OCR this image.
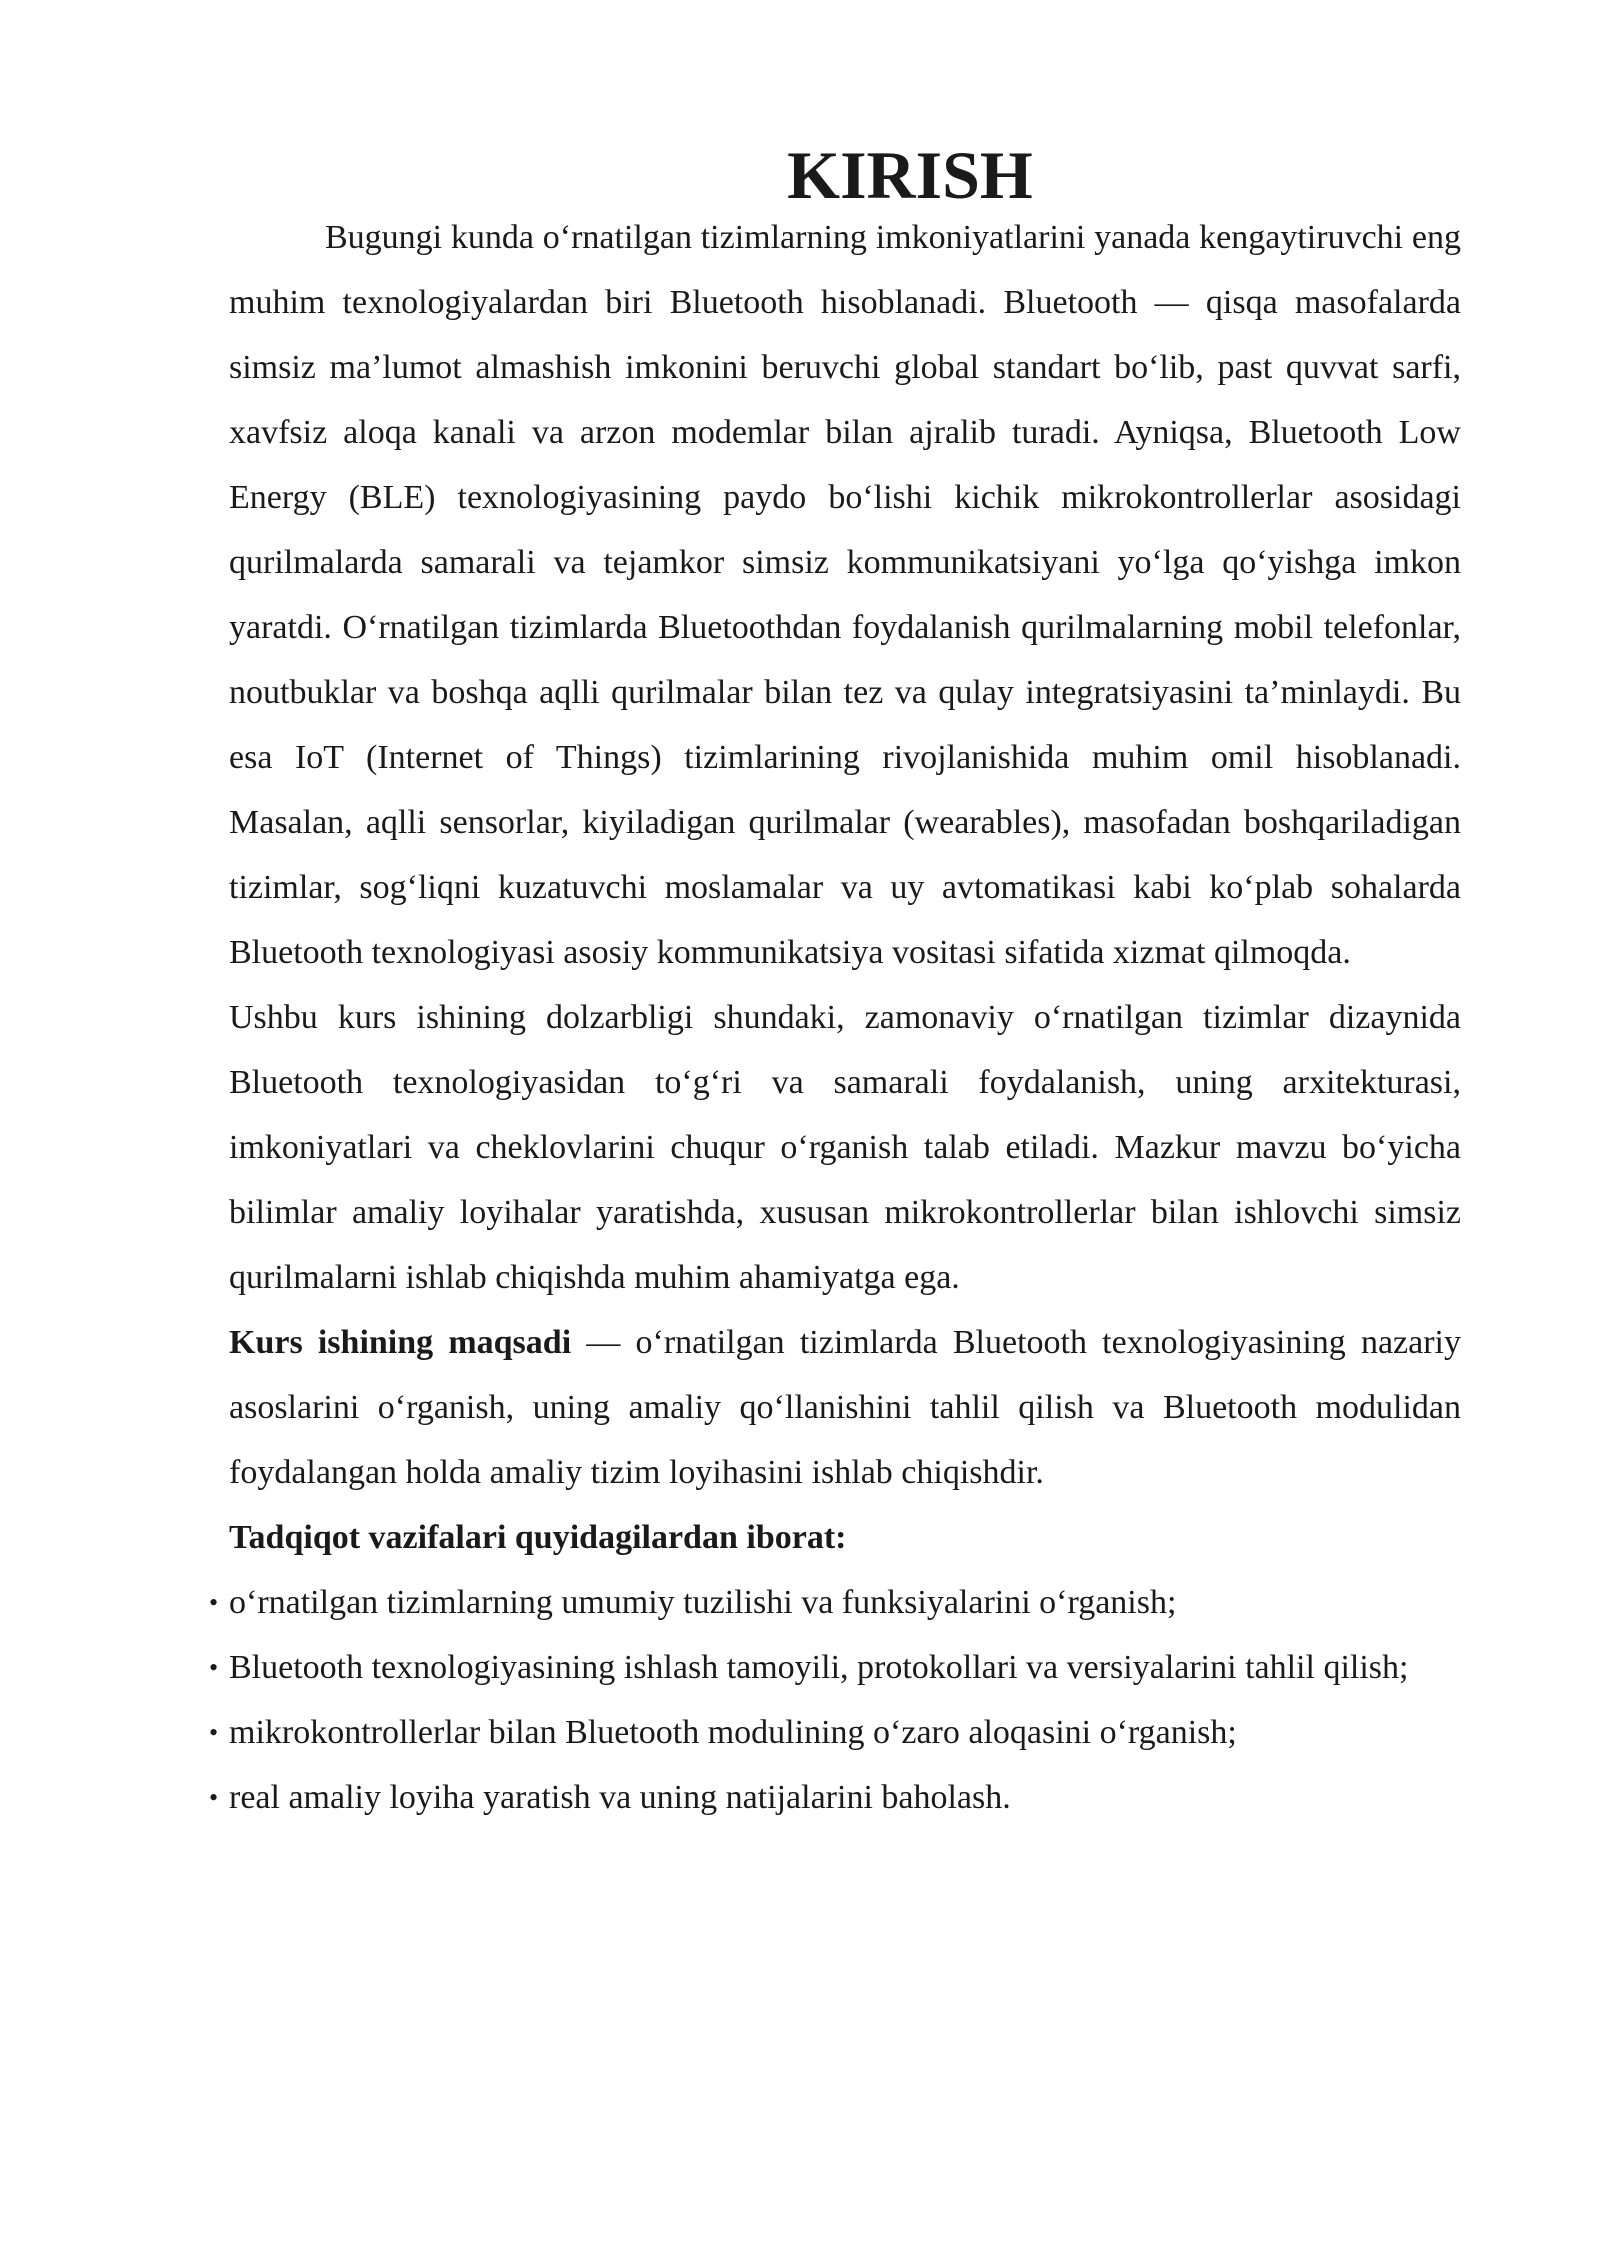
KIRISH

Bugungi kunda o‘rnatilgan tizimlarning imkoniyatlarini yanada kengaytiruvchi eng muhim texnologiyalardan biri Bluetooth hisoblanadi. Bluetooth — qisqa masofalarda simsiz ma’lumot almashish imkonini beruvchi global standart bo‘lib, past quvvat sarfi, xavfsiz aloqa kanali va arzon modemlar bilan ajralib turadi. Ayniqsa, Bluetooth Low Energy (BLE) texnologiyasining paydo bo‘lishi kichik mikrokontrollerlar asosidagi qurilmalarda samarali va tejamkor simsiz kommunikatsiyani yo‘lga qo‘yishga imkon yaratdi. O‘rnatilgan tizimlarda Bluetoothdan foydalanish qurilmalarning mobil telefonlar, noutbuklar va boshqa aqlli qurilmalar bilan tez va qulay integratsiyasini ta’minlaydi. Bu esa IoT (Internet of Things) tizimlarining rivojlanishida muhim omil hisoblanadi. Masalan, aqlli sensorlar, kiyiladigan qurilmalar (wearables), masofadan boshqariladigan tizimlar, sog‘liqni kuzatuvchi moslamalar va uy avtomatikasi kabi ko‘plab sohalarda Bluetooth texnologiyasi asosiy kommunikatsiya vositasi sifatida xizmat qilmoqda.

Ushbu kurs ishining dolzarbligi shundaki, zamonaviy o‘rnatilgan tizimlar dizaynida Bluetooth texnologiyasidan to‘g‘ri va samarali foydalanish, uning arxitekturasi, imkoniyatlari va cheklovlarini chuqur o‘rganish talab etiladi. Mazkur mavzu bo‘yicha bilimlar amaliy loyihalar yaratishda, xususan mikrokontrollerlar bilan ishlovchi simsiz qurilmalarni ishlab chiqishda muhim ahamiyatga ega.

Kurs ishining maqsadi — o‘rnatilgan tizimlarda Bluetooth texnologiyasining nazariy asoslarini o‘rganish, uning amaliy qo‘llanishini tahlil qilish va Bluetooth modulidan foydalangan holda amaliy tizim loyihasini ishlab chiqishdir.

Tadqiqot vazifalari quyidagilardan iborat:

• o‘rnatilgan tizimlarning umumiy tuzilishi va funksiyalarini o‘rganish;
• Bluetooth texnologiyasining ishlash tamoyili, protokollari va versiyalarini tahlil qilish;
• mikrokontrollerlar bilan Bluetooth modulining o‘zaro aloqasini o‘rganish;
• real amaliy loyiha yaratish va uning natijalarini baholash.
